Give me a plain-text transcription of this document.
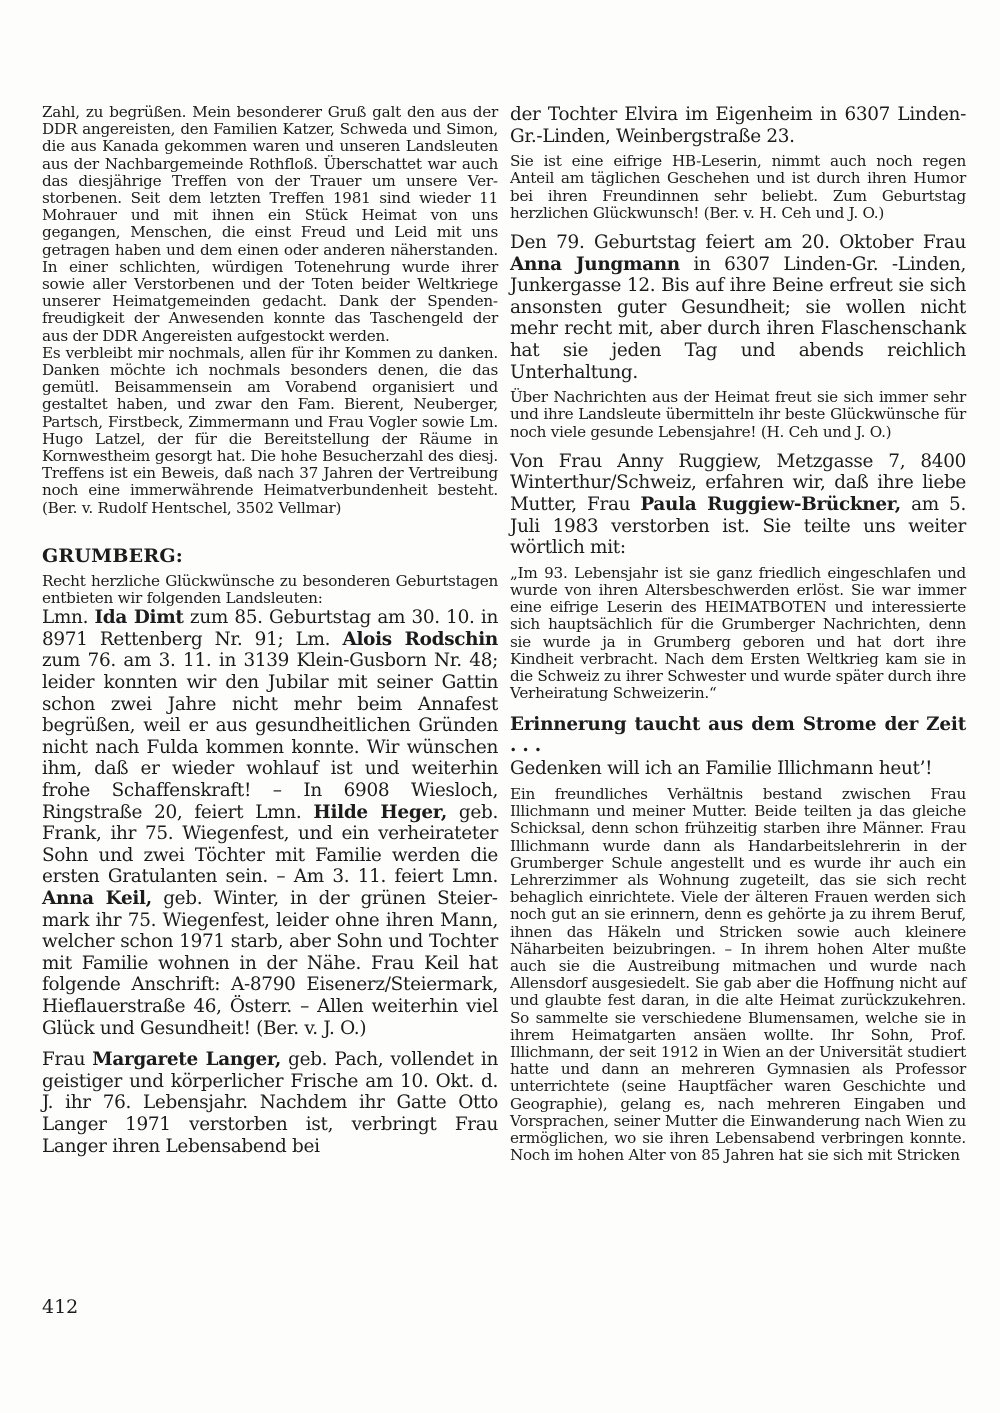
Zahl, zu begrüßen. Mein besonderer Gruß galt den aus der DDR angereisten, den Familien Katzer, Schweda und Simon, die aus Kanada gekommen waren und unseren Landsleuten aus der Nachbargemeinde Rothfloß. Überschattet war auch das diesjährige Treffen von der Trauer um unsere Verstorbenen. Seit dem letzten Treffen 1981 sind wieder 11 Mohrauer und mit ihnen ein Stück Heimat von uns gegangen, Menschen, die einst Freud und Leid mit uns getragen haben und dem einen oder anderen näherstanden. In einer schlichten, würdigen Totenehrung wurde ihrer sowie aller Verstorbenen und der Toten beider Weltkriege unserer Heimatgemeinden gedacht. Dank der Spendenfreudigkeit der Anwesenden konnte das Taschengeld der aus der DDR Angereisten aufgestockt werden.

Es verbleibt mir nochmals, allen für ihr Kommen zu danken. Danken möchte ich nochmals besonders denen, die das gemütl. Beisammensein am Vorabend organisiert und gestaltet haben, und zwar den Fam. Bierent, Neuberger, Partsch, Firstbeck, Zimmermann und Frau Vogler sowie Lm. Hugo Latzel, der für die Bereitstellung der Räume in Kornwestheim gesorgt hat. Die hohe Besucherzahl des diesj. Treffens ist ein Beweis, daß nach 37 Jahren der Vertreibung noch eine immerwährende Heimatverbundenheit besteht. (Ber. v. Rudolf Hentschel, 3502 Vellmar)

GRUMBERG:

Recht herzliche Glückwünsche zu besonderen Geburtstagen entbieten wir folgenden Landsleuten:

Lmn. Ida Dimt zum 85. Geburtstag am 30. 10. in 8971 Rettenberg Nr. 91; Lm. Alois Rodschin zum 76. am 3. 11. in 3139 Klein-Gusborn Nr. 48; leider konnten wir den Jubilar mit seiner Gattin schon zwei Jahre nicht mehr beim Annafest begrüßen, weil er aus gesundheitlichen Gründen nicht nach Fulda kommen konnte. Wir wünschen ihm, daß er wieder wohlauf ist und weiterhin frohe Schaffenskraft! – In 6908 Wiesloch, Ringstraße 20, feiert Lmn. Hilde Heger, geb. Frank, ihr 75. Wiegenfest, und ein verheirateter Sohn und zwei Töchter mit Familie werden die ersten Gratulanten sein. – Am 3. 11. feiert Lmn. Anna Keil, geb. Winter, in der grünen Steiermark ihr 75. Wiegenfest, leider ohne ihren Mann, welcher schon 1971 starb, aber Sohn und Tochter mit Familie wohnen in der Nähe. Frau Keil hat folgende Anschrift: A-8790 Eisenerz/Steiermark, Hieflauerstraße 46, Österr. – Allen weiterhin viel Glück und Gesundheit! (Ber. v. J. O.)

Frau Margarete Langer, geb. Pach, vollendet in geistiger und körperlicher Frische am 10. Okt. d. J. ihr 76. Lebensjahr. Nachdem ihr Gatte Otto Langer 1971 verstorben ist, verbringt Frau Langer ihren Lebensabend bei

der Tochter Elvira im Eigenheim in 6307 Linden-Gr.-Linden, Weinbergstraße 23.

Sie ist eine eifrige HB-Leserin, nimmt auch noch regen Anteil am täglichen Geschehen und ist durch ihren Humor bei ihren Freundinnen sehr beliebt. Zum Geburtstag herzlichen Glückwunsch! (Ber. v. H. Ceh und J. O.)

Den 79. Geburtstag feiert am 20. Oktober Frau Anna Jungmann in 6307 Linden-Gr. -Linden, Junkergasse 12. Bis auf ihre Beine erfreut sie sich ansonsten guter Gesundheit; sie wollen nicht mehr recht mit, aber durch ihren Flaschenschank hat sie jeden Tag und abends reichlich Unterhaltung.

Über Nachrichten aus der Heimat freut sie sich immer sehr und ihre Landsleute übermitteln ihr beste Glückwünsche für noch viele gesunde Lebensjahre! (H. Ceh und J. O.)

Von Frau Anny Ruggiew, Metzgasse 7, 8400 Winterthur/Schweiz, erfahren wir, daß ihre liebe Mutter, Frau Paula Ruggiew-Brückner, am 5. Juli 1983 verstorben ist. Sie teilte uns weiter wörtlich mit:

„Im 93. Lebensjahr ist sie ganz friedlich eingeschlafen und wurde von ihren Altersbeschwerden erlöst. Sie war immer eine eifrige Leserin des HEIMATBOTEN und interessierte sich hauptsächlich für die Grumberger Nachrichten, denn sie wurde ja in Grumberg geboren und hat dort ihre Kindheit verbracht. Nach dem Ersten Weltkrieg kam sie in die Schweiz zu ihrer Schwester und wurde später durch ihre Verheiratung Schweizerin.“

Erinnerung taucht aus dem Strome der Zeit . . .

Gedenken will ich an Familie Illichmann heut’!

Ein freundliches Verhältnis bestand zwischen Frau Illichmann und meiner Mutter. Beide teilten ja das gleiche Schicksal, denn schon frühzeitig starben ihre Männer. Frau Illichmann wurde dann als Handarbeitslehrerin in der Grumberger Schule angestellt und es wurde ihr auch ein Lehrerzimmer als Wohnung zugeteilt, das sie sich recht behaglich einrichtete. Viele der älteren Frauen werden sich noch gut an sie erinnern, denn es gehörte ja zu ihrem Beruf, ihnen das Häkeln und Stricken sowie auch kleinere Näharbeiten beizubringen. – In ihrem hohen Alter mußte auch sie die Austreibung mitmachen und wurde nach Allensdorf ausgesiedelt. Sie gab aber die Hoffnung nicht auf und glaubte fest daran, in die alte Heimat zurückzukehren. So sammelte sie verschiedene Blumensamen, welche sie in ihrem Heimatgarten ansäen wollte. Ihr Sohn, Prof. Illichmann, der seit 1912 in Wien an der Universität studiert hatte und dann an mehreren Gymnasien als Professor unterrichtete (seine Hauptfächer waren Geschichte und Geographie), gelang es, nach mehreren Eingaben und Vorsprachen, seiner Mutter die Einwanderung nach Wien zu ermöglichen, wo sie ihren Lebensabend verbringen konnte. Noch im hohen Alter von 85 Jahren hat sie sich mit Stricken

412
